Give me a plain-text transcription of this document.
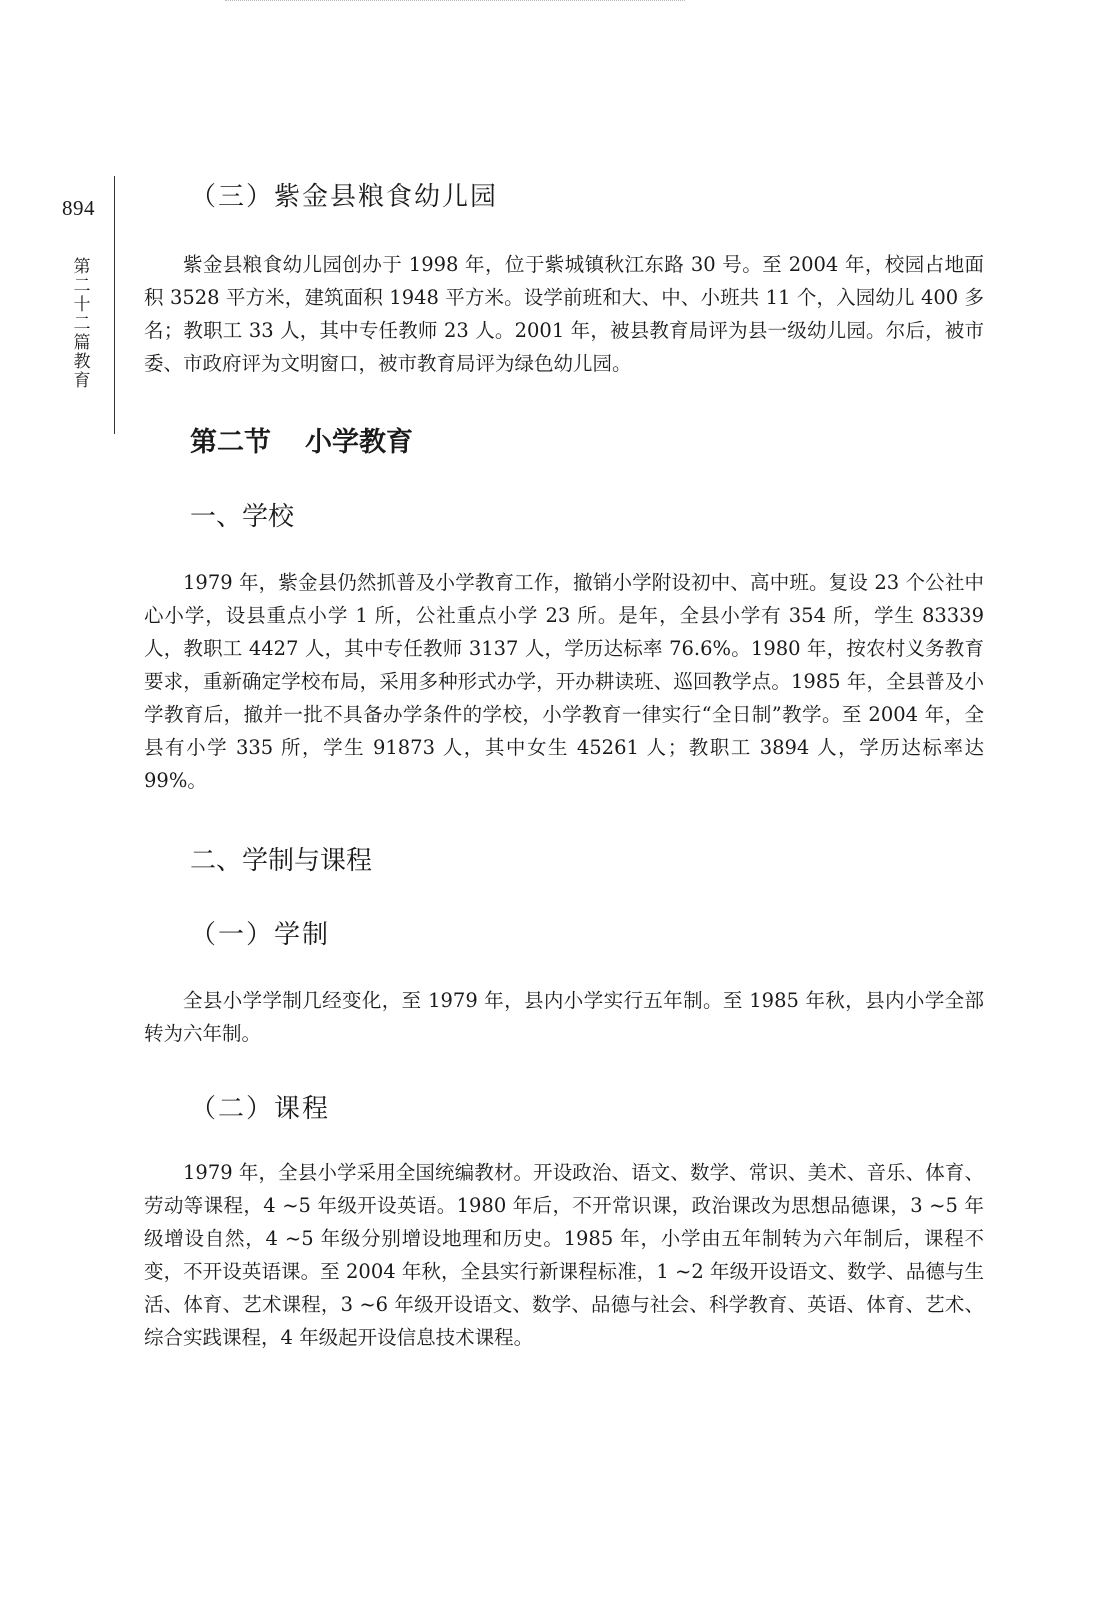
894
第二十二篇 教育
（三）紫金县粮食幼儿园

紫金县粮食幼儿园创办于 1998 年，位于紫城镇秋江东路 30 号。至 2004 年，校园占地面积 3528 平方米，建筑面积 1948 平方米。设学前班和大、中、小班共 11 个，入园幼儿 400 多名；教职工 33 人，其中专任教师 23 人。2001 年，被县教育局评为县一级幼儿园。尔后，被市委、市政府评为文明窗口，被市教育局评为绿色幼儿园。

第二节 小学教育
一、学校

1979 年，紫金县仍然抓普及小学教育工作，撤销小学附设初中、高中班。复设 23 个公社中心小学，设县重点小学 1 所，公社重点小学 23 所。是年，全县小学有 354 所，学生 83339 人，教职工 4427 人，其中专任教师 3137 人，学历达标率 76.6%。1980 年，按农村义务教育要求，重新确定学校布局，采用多种形式办学，开办耕读班、巡回教学点。1985 年，全县普及小学教育后，撤并一批不具备办学条件的学校，小学教育一律实行“全日制”教学。至 2004 年，全县有小学 335 所，学生 91873 人，其中女生 45261 人；教职工 3894 人，学历达标率达 99%。

二、学制与课程
（一）学制

全县小学学制几经变化，至 1979 年，县内小学实行五年制。至 1985 年秋，县内小学全部转为六年制。

（二）课程

1979 年，全县小学采用全国统编教材。开设政治、语文、数学、常识、美术、音乐、体育、劳动等课程，4 ~5 年级开设英语。1980 年后，不开常识课，政治课改为思想品德课，3 ~5 年级增设自然，4 ~5 年级分别增设地理和历史。1985 年，小学由五年制转为六年制后，课程不变，不开设英语课。至 2004 年秋，全县实行新课程标准，1 ~2 年级开设语文、数学、品德与生活、体育、艺术课程，3 ~6 年级开设语文、数学、品德与社会、科学教育、英语、体育、艺术、综合实践课程，4 年级起开设信息技术课程。
